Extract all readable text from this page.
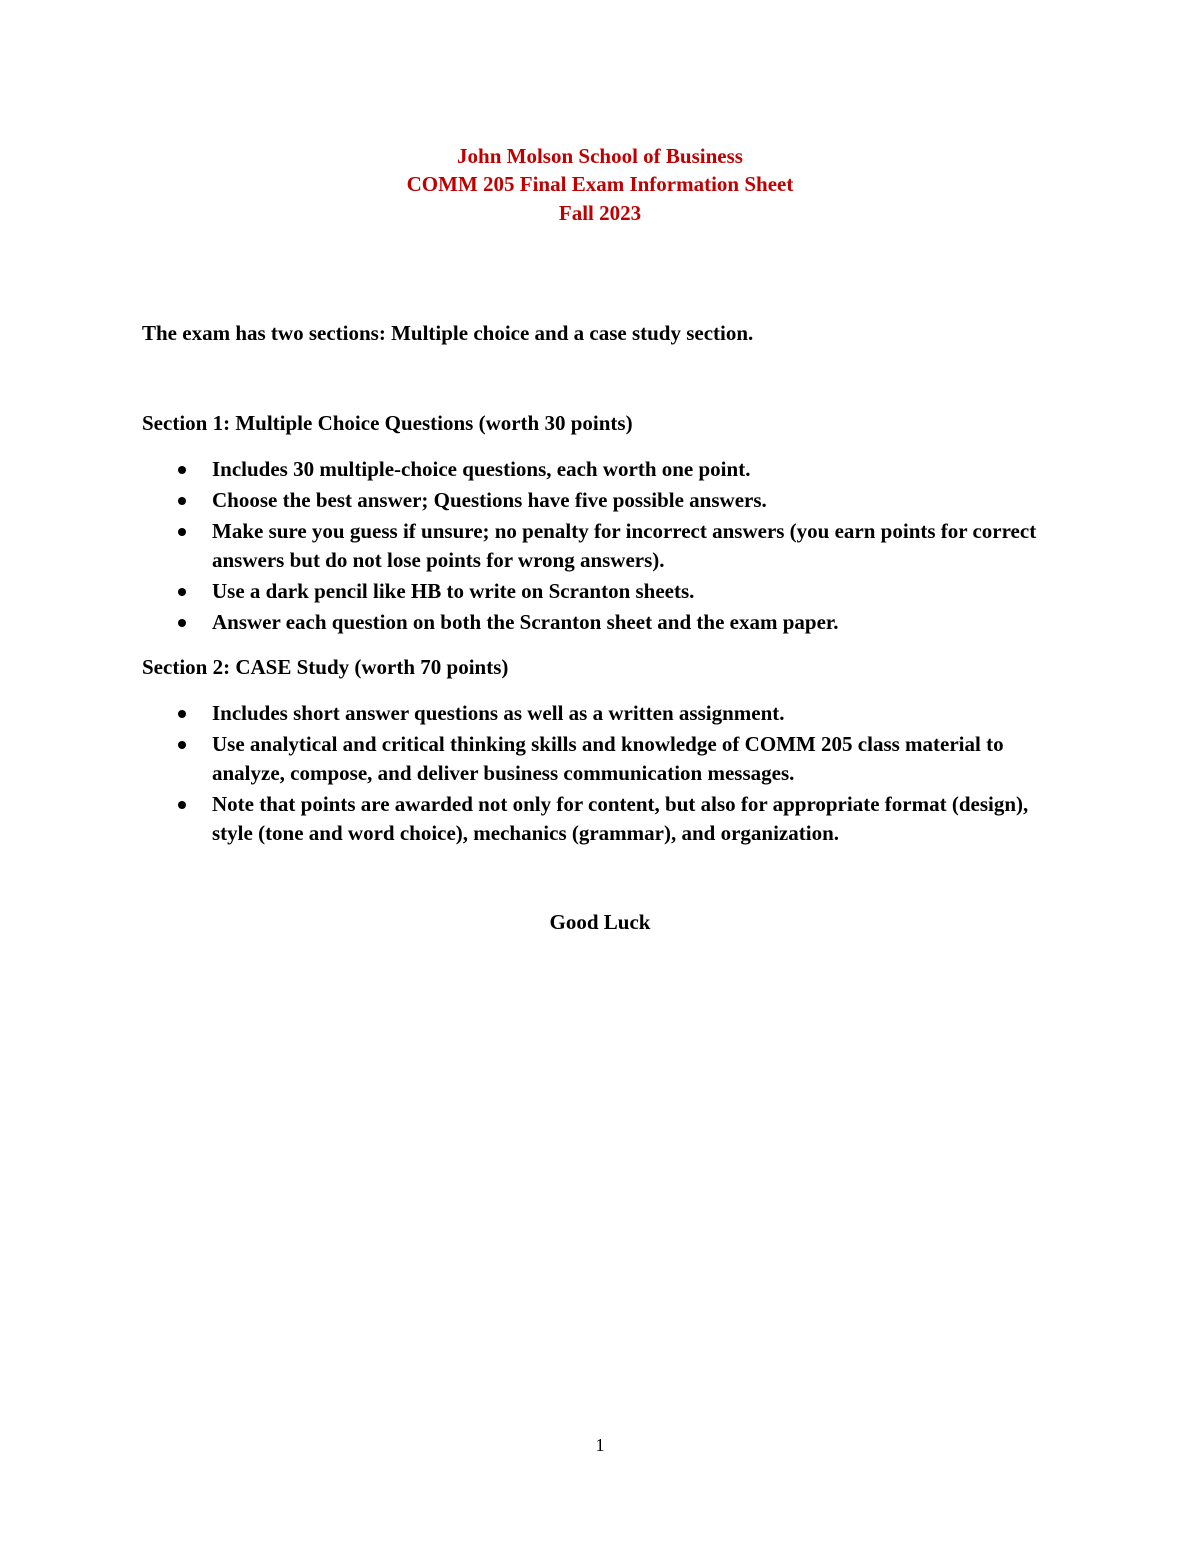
John Molson School of Business
COMM 205 Final Exam Information Sheet
Fall 2023
The exam has two sections: Multiple choice and a case study section.
Section 1: Multiple Choice Questions (worth 30 points)
Includes 30 multiple-choice questions, each worth one point.
Choose the best answer; Questions have five possible answers.
Make sure you guess if unsure; no penalty for incorrect answers (you earn points for correct answers but do not lose points for wrong answers).
Use a dark pencil like HB to write on Scranton sheets.
Answer each question on both the Scranton sheet and the exam paper.
Section 2: CASE Study (worth 70 points)
Includes short answer questions as well as a written assignment.
Use analytical and critical thinking skills and knowledge of COMM 205 class material to analyze, compose, and deliver business communication messages.
Note that points are awarded not only for content, but also for appropriate format (design), style (tone and word choice), mechanics (grammar), and organization.
Good Luck
1
